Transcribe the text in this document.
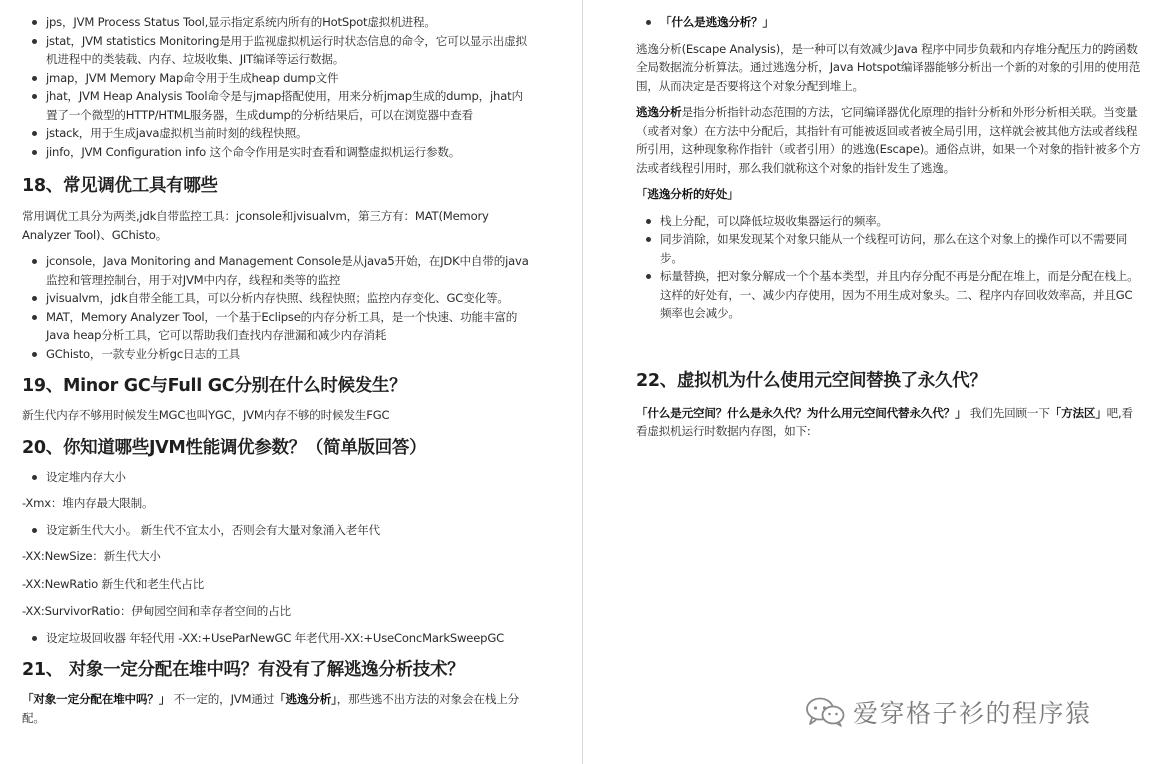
jps，JVM Process Status Tool,显示指定系统内所有的HotSpot虚拟机进程。
jstat，JVM statistics Monitoring是用于监视虚拟机运行时状态信息的命令，它可以显示出虚拟机进程中的类装载、内存、垃圾收集、JIT编译等运行数据。
jmap，JVM Memory Map命令用于生成heap dump文件
jhat，JVM Heap Analysis Tool命令是与jmap搭配使用，用来分析jmap生成的dump，jhat内置了一个微型的HTTP/HTML服务器，生成dump的分析结果后，可以在浏览器中查看
jstack，用于生成java虚拟机当前时刻的线程快照。
jinfo，JVM Configuration info 这个命令作用是实时查看和调整虚拟机运行参数。
18、常见调优工具有哪些

常用调优工具分为两类,jdk自带监控工具：jconsole和jvisualvm，第三方有：MAT(Memory Analyzer Tool)、GChisto。

jconsole，Java Monitoring and Management Console是从java5开始，在JDK中自带的java监控和管理控制台，用于对JVM中内存，线程和类等的监控
jvisualvm，jdk自带全能工具，可以分析内存快照、线程快照；监控内存变化、GC变化等。
MAT，Memory Analyzer Tool，一个基于Eclipse的内存分析工具，是一个快速、功能丰富的Java heap分析工具，它可以帮助我们查找内存泄漏和减少内存消耗
GChisto，一款专业分析gc日志的工具
19、Minor GC与Full GC分别在什么时候发生？

新生代内存不够用时候发生MGC也叫YGC，JVM内存不够的时候发生FGC

20、你知道哪些JVM性能调优参数？（简单版回答）
设定堆内存大小

-Xmx：堆内存最大限制。

设定新生代大小。 新生代不宜太小，否则会有大量对象涌入老年代

-XX:NewSize：新生代大小

-XX:NewRatio 新生代和老生代占比

-XX:SurvivorRatio：伊甸园空间和幸存者空间的占比

设定垃圾回收器 年轻代用 -XX:+UseParNewGC 年老代用-XX:+UseConcMarkSweepGC
21、 对象一定分配在堆中吗？有没有了解逃逸分析技术？

「对象一定分配在堆中吗？」 不一定的，JVM通过「逃逸分析」，那些逃不出方法的对象会在栈上分配。

「什么是逃逸分析？」

逃逸分析(Escape Analysis)，是一种可以有效减少Java 程序中同步负载和内存堆分配压力的跨函数全局数据流分析算法。通过逃逸分析，Java Hotspot编译器能够分析出一个新的对象的引用的使用范围，从而决定是否要将这个对象分配到堆上。

逃逸分析是指分析指针动态范围的方法，它同编译器优化原理的指针分析和外形分析相关联。当变量（或者对象）在方法中分配后，其指针有可能被返回或者被全局引用，这样就会被其他方法或者线程所引用，这种现象称作指针（或者引用）的逃逸(Escape)。通俗点讲，如果一个对象的指针被多个方法或者线程引用时，那么我们就称这个对象的指针发生了逃逸。

「逃逸分析的好处」

栈上分配，可以降低垃圾收集器运行的频率。
同步消除，如果发现某个对象只能从一个线程可访问，那么在这个对象上的操作可以不需要同步。
标量替换，把对象分解成一个个基本类型，并且内存分配不再是分配在堆上，而是分配在栈上。这样的好处有，一、减少内存使用，因为不用生成对象头。二、程序内存回收效率高，并且GC频率也会减少。
22、虚拟机为什么使用元空间替换了永久代？

「什么是元空间？什么是永久代？为什么用元空间代替永久代？」 我们先回顾一下「方法区」吧,看看虚拟机运行时数据内存图，如下:

爱穿格子衫的程序猿
